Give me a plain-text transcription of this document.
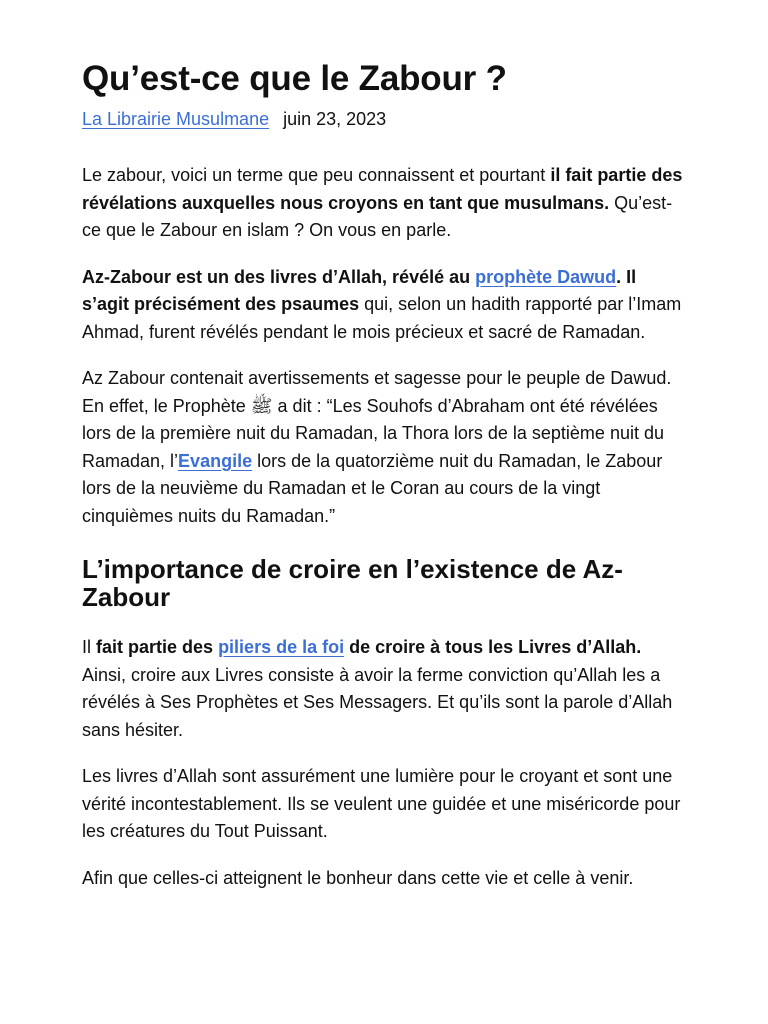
Qu’est-ce que le Zabour ?
La Librairie Musulmane juin 23, 2023

Le zabour, voici un terme que peu connaissent et pourtant il fait partie des révélations auxquelles nous croyons en tant que musulmans. Qu’est-ce que le Zabour en islam ? On vous en parle.

Az-Zabour est un des livres d’Allah, révélé au prophète Dawud. Il s’agit précisément des psaumes qui, selon un hadith rapporté par l’Imam Ahmad, furent révélés pendant le mois précieux et sacré de Ramadan.

Az Zabour contenait avertissements et sagesse pour le peuple de Dawud. En effet, le Prophète ﷺ a dit : “Les Souhofs d’Abraham ont été révélées lors de la première nuit du Ramadan, la Thora lors de la septième nuit du Ramadan, l’Evangile lors de la quatorzième nuit du Ramadan, le Zabour lors de la neuvième du Ramadan et le Coran au cours de la vingt cinquièmes nuits du Ramadan.”

L’importance de croire en l’existence de Az-Zabour

Il fait partie des piliers de la foi de croire à tous les Livres d’Allah. Ainsi, croire aux Livres consiste à avoir la ferme conviction qu’Allah les a révélés à Ses Prophètes et Ses Messagers. Et qu’ils sont la parole d’Allah sans hésiter.

Les livres d’Allah sont assurément une lumière pour le croyant et sont une vérité incontestablement. Ils se veulent une guidée et une miséricorde pour les créatures du Tout Puissant.

Afin que celles-ci atteignent le bonheur dans cette vie et celle à venir.
